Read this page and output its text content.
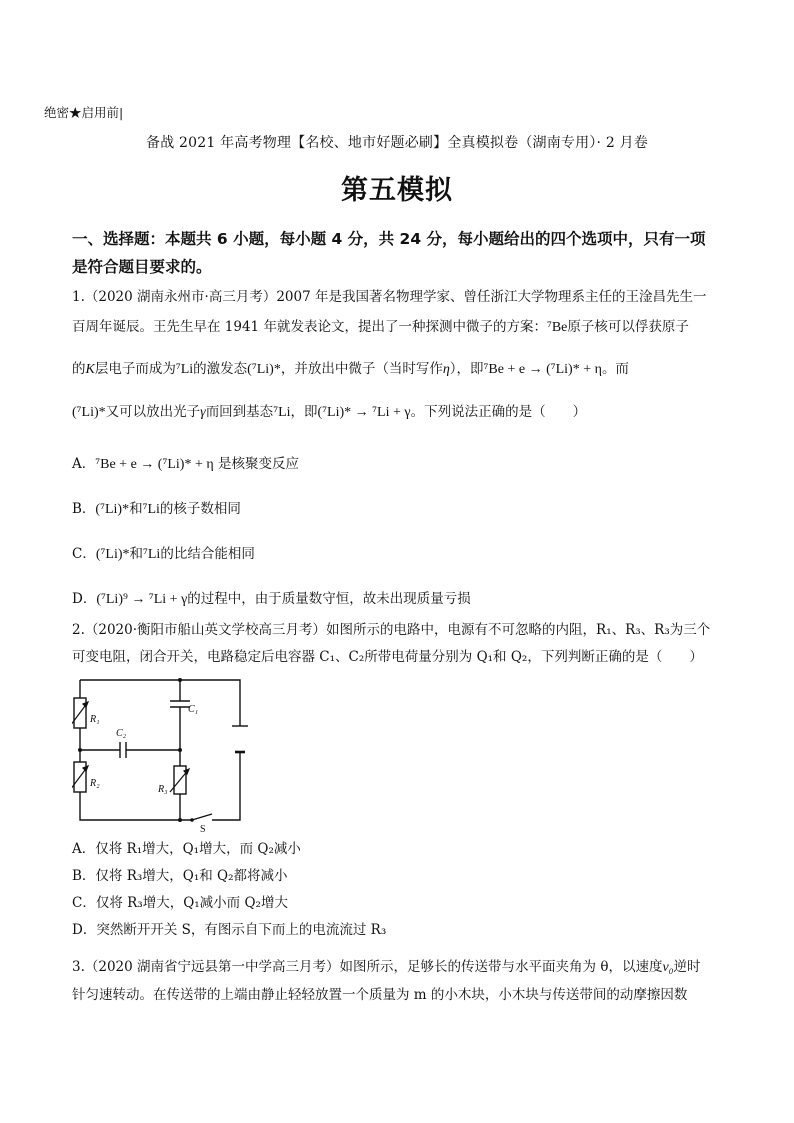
绝密★启用前|
备战 2021 年高考物理【名校、地市好题必刷】全真模拟卷（湖南专用）· 2 月卷
第五模拟
一、选择题：本题共 6 小题，每小题 4 分，共 24 分，每小题给出的四个选项中，只有一项
是符合题目要求的。
1.（2020 湖南永州市·高三月考）2007 年是我国著名物理学家、曾任浙江大学物理系主任的王淦昌先生一
百周年诞辰。王先生早在 1941 年就发表论文，提出了一种探测中微子的方案：⁷Be原子核可以俘获原子
的K层电子而成为⁷Li的激发态(⁷Li)*，并放出中微子（当时写作η），即⁷Be + e → (⁷Li)* + η。而
(⁷Li)*又可以放出光子γ而回到基态⁷Li，即(⁷Li)* → ⁷Li + γ。下列说法正确的是（　　）
A．⁷Be + e → (⁷Li)* + η 是核聚变反应
B．(⁷Li)*和⁷Li的核子数相同
C．(⁷Li)*和⁷Li的比结合能相同
D．(⁷Li)⁹ → ⁷Li + γ的过程中，由于质量数守恒，故未出现质量亏损
2.（2020·衡阳市船山英文学校高三月考）如图所示的电路中，电源有不可忽略的内阻，R₁、R₃、R₃为三个
可变电阻，闭合开关，电路稳定后电容器 C₁、C₂所带电荷量分别为 Q₁和 Q₂，下列判断正确的是（　　）
R₁
R₂
R₃
C₁
C₂
S
A．仅将 R₁增大，Q₁增大，而 Q₂减小
B．仅将 R₃增大，Q₁和 Q₂都将减小
C．仅将 R₃增大，Q₁减小而 Q₂增大
D．突然断开开关 S，有图示自下而上的电流流过 R₃
3.（2020 湖南省宁远县第一中学高三月考）如图所示，足够长的传送带与水平面夹角为 θ，以速度v₀逆时
针匀速转动。在传送带的上端由静止轻轻放置一个质量为 m 的小木块，小木块与传送带间的动摩擦因数
